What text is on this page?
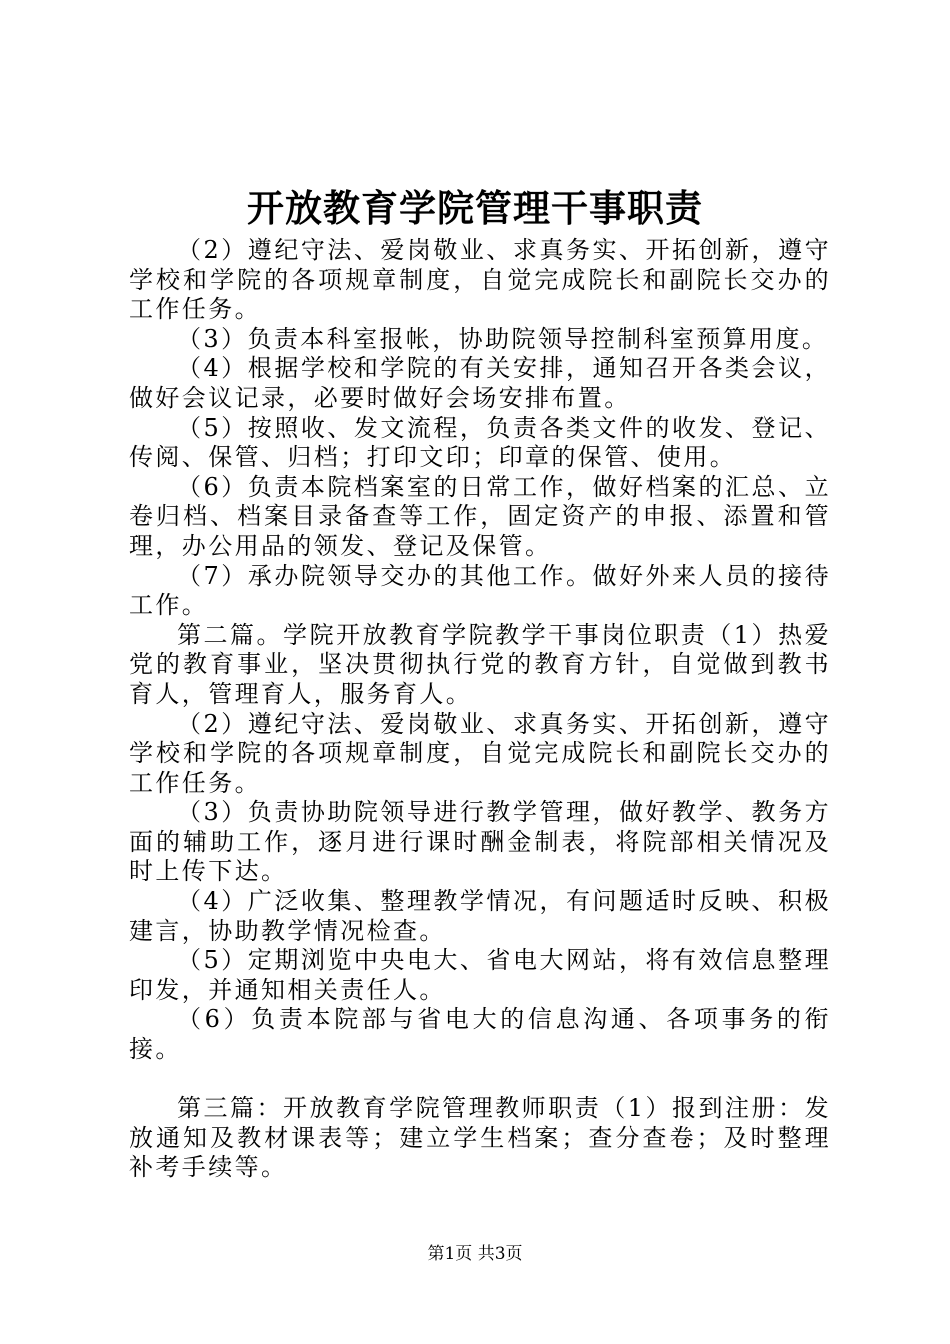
开放教育学院管理干事职责

（2）遵纪守法、爱岗敬业、求真务实、开拓创新，遵守学校和学院的各项规章制度，自觉完成院长和副院长交办的工作任务。

（3）负责本科室报帐，协助院领导控制科室预算用度。

（4）根据学校和学院的有关安排，通知召开各类会议，做好会议记录，必要时做好会场安排布置。

（5）按照收、发文流程，负责各类文件的收发、登记、传阅、保管、归档；打印文印；印章的保管、使用。

（6）负责本院档案室的日常工作，做好档案的汇总、立卷归档、档案目录备查等工作，固定资产的申报、添置和管理，办公用品的领发、登记及保管。

（7）承办院领导交办的其他工作。做好外来人员的接待工作。

第二篇。学院开放教育学院教学干事岗位职责（1）热爱党的教育事业，坚决贯彻执行党的教育方针，自觉做到教书育人，管理育人，服务育人。

（2）遵纪守法、爱岗敬业、求真务实、开拓创新，遵守学校和学院的各项规章制度，自觉完成院长和副院长交办的工作任务。

（3）负责协助院领导进行教学管理，做好教学、教务方面的辅助工作，逐月进行课时酬金制表，将院部相关情况及时上传下达。

（4）广泛收集、整理教学情况，有问题适时反映、积极建言，协助教学情况检查。

（5）定期浏览中央电大、省电大网站，将有效信息整理印发，并通知相关责任人。

（6）负责本院部与省电大的信息沟通、各项事务的衔接。

第三篇：开放教育学院管理教师职责（1）报到注册：发放通知及教材课表等；建立学生档案；查分查卷；及时整理补考手续等。

第1页 共3页
